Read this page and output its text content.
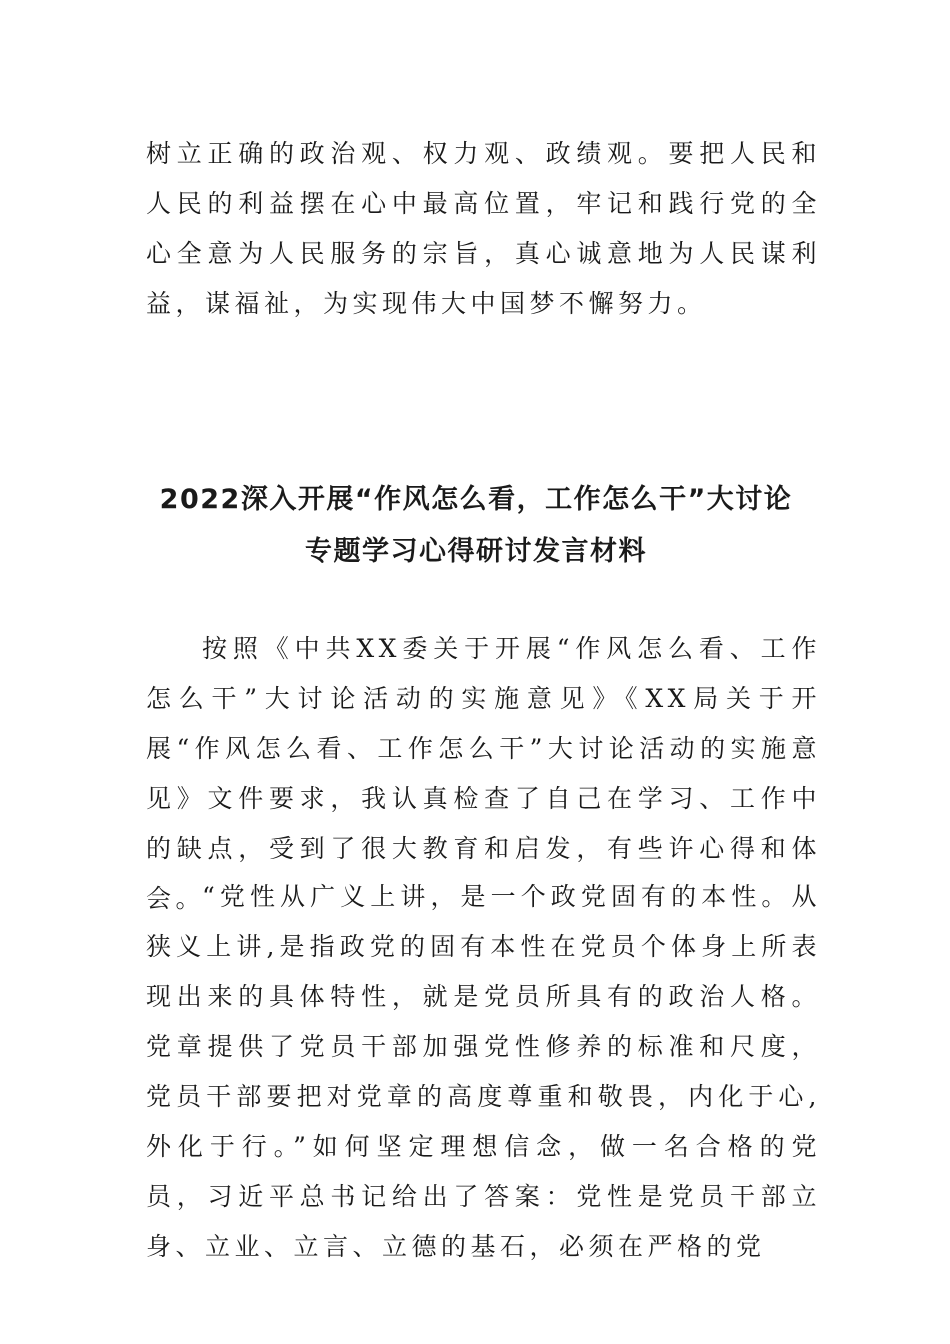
树立正确的政治观、权力观、政绩观。要把人民和人民的利益摆在心中最高位置，牢记和践行党的全心全意为人民服务的宗旨，真心诚意地为人民谋利益，谋福祉，为实现伟大中国梦不懈努力。

2022深入开展“作风怎么看，工作怎么干”大讨论
专题学习心得研讨发言材料

按照《中共XX委关于开展“作风怎么看、工作怎么干”大讨论活动的实施意见》《XX局关于开展“作风怎么看、工作怎么干”大讨论活动的实施意见》文件要求，我认真检查了自己在学习、工作中的缺点，受到了很大教育和启发，有些许心得和体会。

“党性从广义上讲，是一个政党固有的本性。从狭义上讲,是指政党的固有本性在党员个体身上所表现出来的具体特性，就是党员所具有的政治人格。党章提供了党员干部加强党性修养的标准和尺度，党员干部要把对党章的高度尊重和敬畏，内化于心,外化于行。”如何坚定理想信念，做一名合格的党员，习近平总书记给出了答案：党性是党员干部立身、立业、立言、立德的基石，必须在严格的党
